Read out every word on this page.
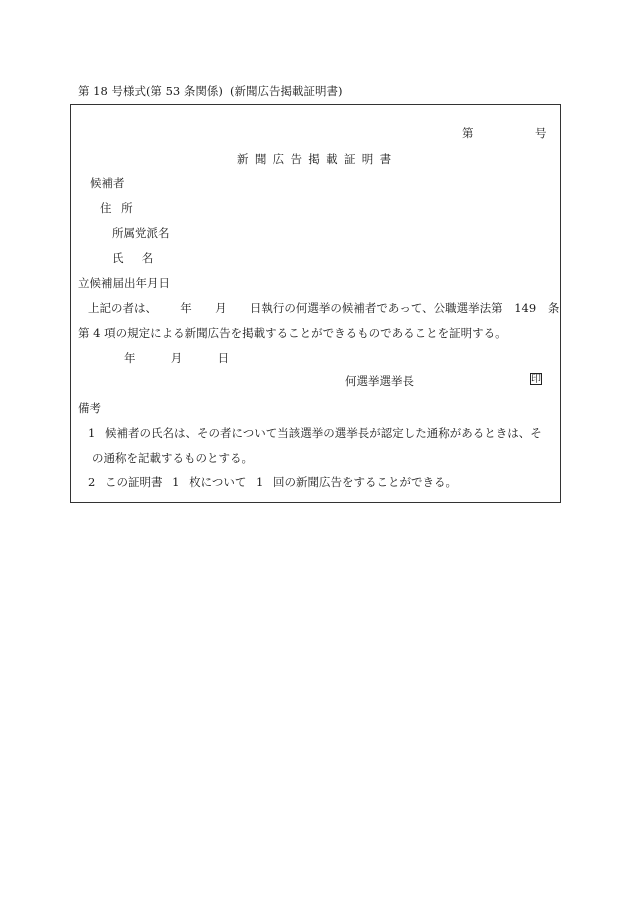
第 18 号様式(第 53 条関係) (新聞広告掲載証明書)
第	号
新聞広告掲載証明書
候補者
住 所
所属党派名
氏     名
立候補届出年月日
上記の者は、  年  月  日執行の何選挙の候補者であって、公職選挙法第 149 条
第 4 項の規定による新聞広告を掲載することができるものであることを証明する。
年  月  日
何選挙選挙長	印
備考
1 候補者の氏名は、その者について当該選挙の選挙長が認定した通称があるときは、そ
の通称を記載するものとする。
2 この証明書 1 枚について 1 回の新聞広告をすることができる。
